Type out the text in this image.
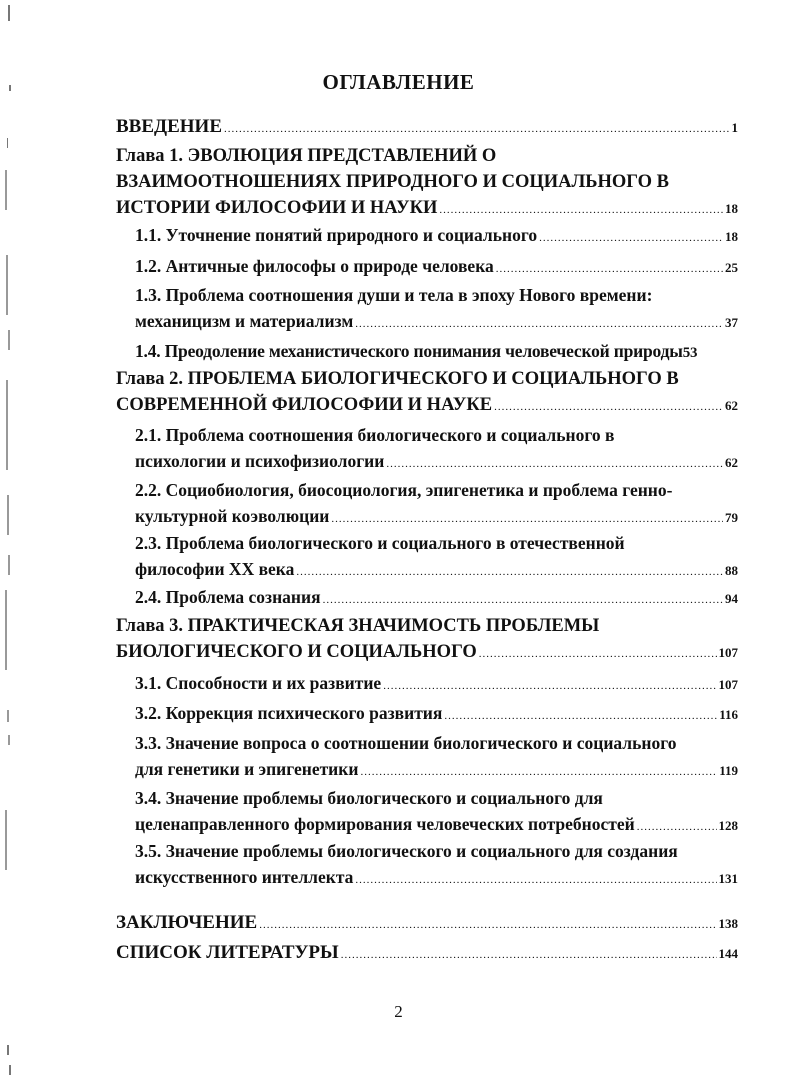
ОГЛАВЛЕНИЕ
ВВЕДЕНИЕ .....	1
Глава 1. ЭВОЛЮЦИЯ ПРЕДСТАВЛЕНИЙ О
ВЗАИМООТНОШЕНИЯХ ПРИРОДНОГО И СОЦИАЛЬНОГО В
ИСТОРИИ ФИЛОСОФИИ И НАУКИ .....	18
1.1. Уточнение понятий природного и социального .....	18
1.2. Античные философы о природе человека .....	25
1.3. Проблема соотношения души и тела в эпоху Нового времени:
механицизм и материализм .....	37
1.4. Преодоление механистического понимания человеческой природы 53
Глава 2. ПРОБЛЕМА БИОЛОГИЧЕСКОГО И СОЦИАЛЬНОГО В
СОВРЕМЕННОЙ ФИЛОСОФИИ И НАУКЕ .....	62
2.1. Проблема соотношения биологического и социального в
психологии и психофизиологии .....	62
2.2. Социобиология, биосоциология, эпигенетика и проблема генно-
культурной коэволюции .....	79
2.3. Проблема биологического и социального в отечественной
философии XX века .....	88
2.4. Проблема сознания .....	94
Глава 3. ПРАКТИЧЕСКАЯ ЗНАЧИМОСТЬ ПРОБЛЕМЫ
БИОЛОГИЧЕСКОГО И СОЦИАЛЬНОГО .....	107
3.1. Способности и их развитие .....	107
3.2. Коррекция психического развития .....	116
3.3. Значение вопроса о соотношении биологического и социального
для генетики и эпигенетики .....	119
3.4. Значение проблемы биологического и социального для
целенаправленного формирования человеческих потребностей .....	128
3.5. Значение проблемы биологического и социального для создания
искусственного интеллекта .....	131
ЗАКЛЮЧЕНИЕ .....	138
СПИСОК ЛИТЕРАТУРЫ .....	144
2
